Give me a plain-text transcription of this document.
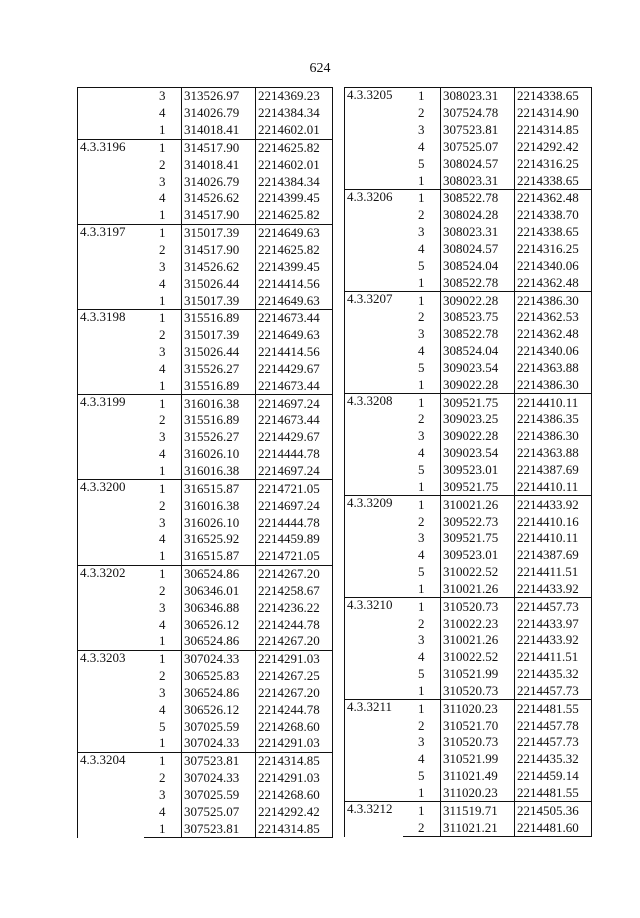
624
	3	313526.97	2214369.23
	4	314026.79	2214384.34
	1	314018.41	2214602.01
4.3.3196	1	314517.90	2214625.82
	2	314018.41	2214602.01
	3	314026.79	2214384.34
	4	314526.62	2214399.45
	1	314517.90	2214625.82
4.3.3197	1	315017.39	2214649.63
	2	314517.90	2214625.82
	3	314526.62	2214399.45
	4	315026.44	2214414.56
	1	315017.39	2214649.63
4.3.3198	1	315516.89	2214673.44
	2	315017.39	2214649.63
	3	315026.44	2214414.56
	4	315526.27	2214429.67
	1	315516.89	2214673.44
4.3.3199	1	316016.38	2214697.24
	2	315516.89	2214673.44
	3	315526.27	2214429.67
	4	316026.10	2214444.78
	1	316016.38	2214697.24
4.3.3200	1	316515.87	2214721.05
	2	316016.38	2214697.24
	3	316026.10	2214444.78
	4	316525.92	2214459.89
	1	316515.87	2214721.05
4.3.3202	1	306524.86	2214267.20
	2	306346.01	2214258.67
	3	306346.88	2214236.22
	4	306526.12	2214244.78
	1	306524.86	2214267.20
4.3.3203	1	307024.33	2214291.03
	2	306525.83	2214267.25
	3	306524.86	2214267.20
	4	306526.12	2214244.78
	5	307025.59	2214268.60
	1	307024.33	2214291.03
4.3.3204	1	307523.81	2214314.85
	2	307024.33	2214291.03
	3	307025.59	2214268.60
	4	307525.07	2214292.42
	1	307523.81	2214314.85
4.3.3205	1	308023.31	2214338.65
	2	307524.78	2214314.90
	3	307523.81	2214314.85
	4	307525.07	2214292.42
	5	308024.57	2214316.25
	1	308023.31	2214338.65
4.3.3206	1	308522.78	2214362.48
	2	308024.28	2214338.70
	3	308023.31	2214338.65
	4	308024.57	2214316.25
	5	308524.04	2214340.06
	1	308522.78	2214362.48
4.3.3207	1	309022.28	2214386.30
	2	308523.75	2214362.53
	3	308522.78	2214362.48
	4	308524.04	2214340.06
	5	309023.54	2214363.88
	1	309022.28	2214386.30
4.3.3208	1	309521.75	2214410.11
	2	309023.25	2214386.35
	3	309022.28	2214386.30
	4	309023.54	2214363.88
	5	309523.01	2214387.69
	1	309521.75	2214410.11
4.3.3209	1	310021.26	2214433.92
	2	309522.73	2214410.16
	3	309521.75	2214410.11
	4	309523.01	2214387.69
	5	310022.52	2214411.51
	1	310021.26	2214433.92
4.3.3210	1	310520.73	2214457.73
	2	310022.23	2214433.97
	3	310021.26	2214433.92
	4	310022.52	2214411.51
	5	310521.99	2214435.32
	1	310520.73	2214457.73
4.3.3211	1	311020.23	2214481.55
	2	310521.70	2214457.78
	3	310520.73	2214457.73
	4	310521.99	2214435.32
	5	311021.49	2214459.14
	1	311020.23	2214481.55
4.3.3212	1	311519.71	2214505.36
	2	311021.21	2214481.60
